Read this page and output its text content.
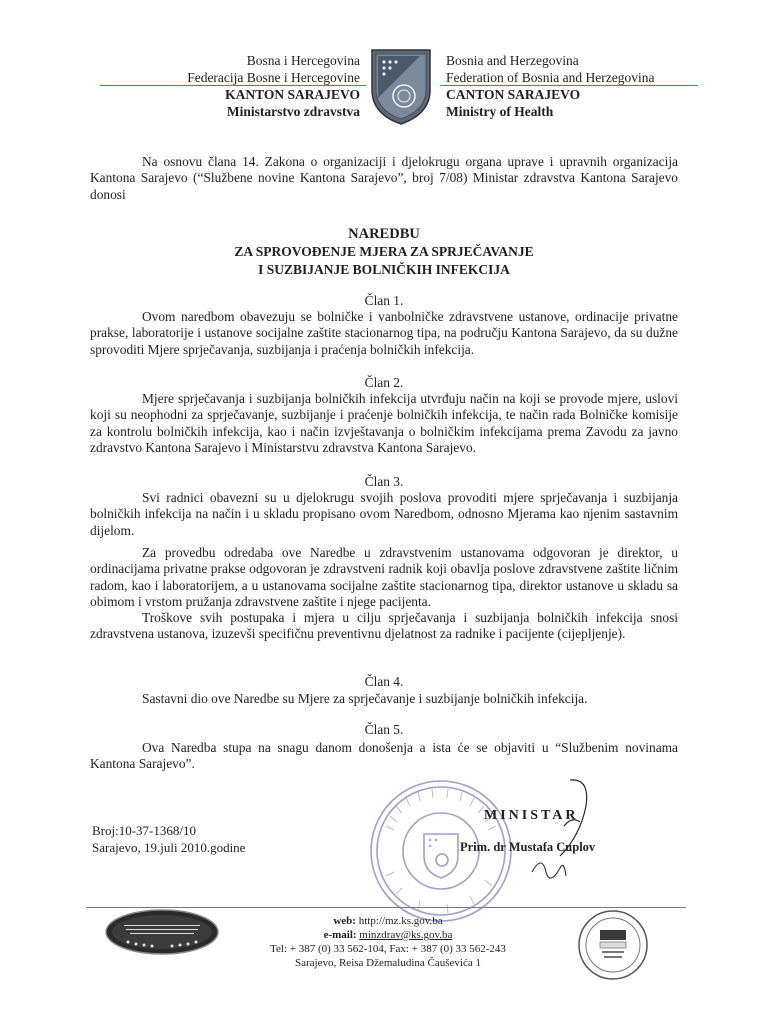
Bosna i Hercegovina
Federacija Bosne i Hercegovine
KANTON SARAJEVO
Ministarstvo zdravstva
Bosnia and Herzegovina
Federation of Bosnia and Herzegovina
CANTON SARAJEVO
Ministry of Health
Na osnovu člana 14. Zakona o organizaciji i djelokrugu organa uprave i upravnih organizacija Kantona Sarajevo (“Službene novine Kantona Sarajevo”, broj 7/08) Ministar zdravstva Kantona Sarajevo donosi
NAREDBU
ZA SPROVOĐENJE MJERA ZA SPRJEČAVANJE
I SUZBIJANJE BOLNIČKIH INFEKCIJA
Član 1.
Ovom naredbom obavezuju se bolničke i vanbolničke zdravstvene ustanove, ordinacije privatne prakse, laboratorije i ustanove socijalne zaštite stacionarnog tipa, na području Kantona Sarajevo, da su dužne sprovoditi Mjere sprječavanja, suzbijanja i praćenja bolničkih infekcija.
Član 2.
Mjere sprječavanja i suzbijanja bolničkih infekcija utvrđuju način na koji se provode mjere, uslovi koji su neophodni za sprječavanje, suzbijanje i praćenje bolničkih infekcija, te način rada Bolničke komisije za kontrolu bolničkih infekcija, kao i način izvještavanja o bolničkim infekcijama prema Zavodu za javno zdravstvo Kantona Sarajevo i Ministarstvu zdravstva Kantona Sarajevo.
Član 3.
Svi radnici obavezni su u djelokrugu svojih poslova provoditi mjere sprječavanja i suzbijanja bolničkih infekcija na način i u skladu propisano ovom Naredbom, odnosno Mjerama kao njenim sastavnim dijelom.
Za provedbu odredaba ove Naredbe u zdravstvenim ustanovama odgovoran je direktor, u ordinacijama privatne prakse odgovoran je zdravstveni radnik koji obavlja poslove zdravstvene zaštite ličnim radom, kao i laboratorijem, a u ustanovama socijalne zaštite stacionarnog tipa, direktor ustanove u skladu sa obimom i vrstom pružanja zdravstvene zaštite i njege pacijenta.
Troškove svih postupaka i mjera u cilju sprječavanja i suzbijanja bolničkih infekcija snosi zdravstvena ustanova, izuzevši specifičnu preventivnu djelatnost za radnike i pacijente (cijepljenje).
Član 4.
Sastavni dio ove Naredbe su Mjere za sprječavanje i suzbijanje bolničkih infekcija.
Član 5.
Ova Naredba stupa na snagu danom donošenja a ista će se objaviti u “Službenim novinama Kantona Sarajevo”.
Broj:10-37-1368/10
Sarajevo, 19.juli 2010.godine
MINISTAR
Prim. dr Mustafa Cuplov
web: http://mz.ks.gov.ba
e-mail: minzdrav@ks.gov.ba
Tel: + 387 (0) 33 562-104, Fax: + 387 (0) 33 562-243
Sarajevo, Reisa Džemaludina Čauševića 1
